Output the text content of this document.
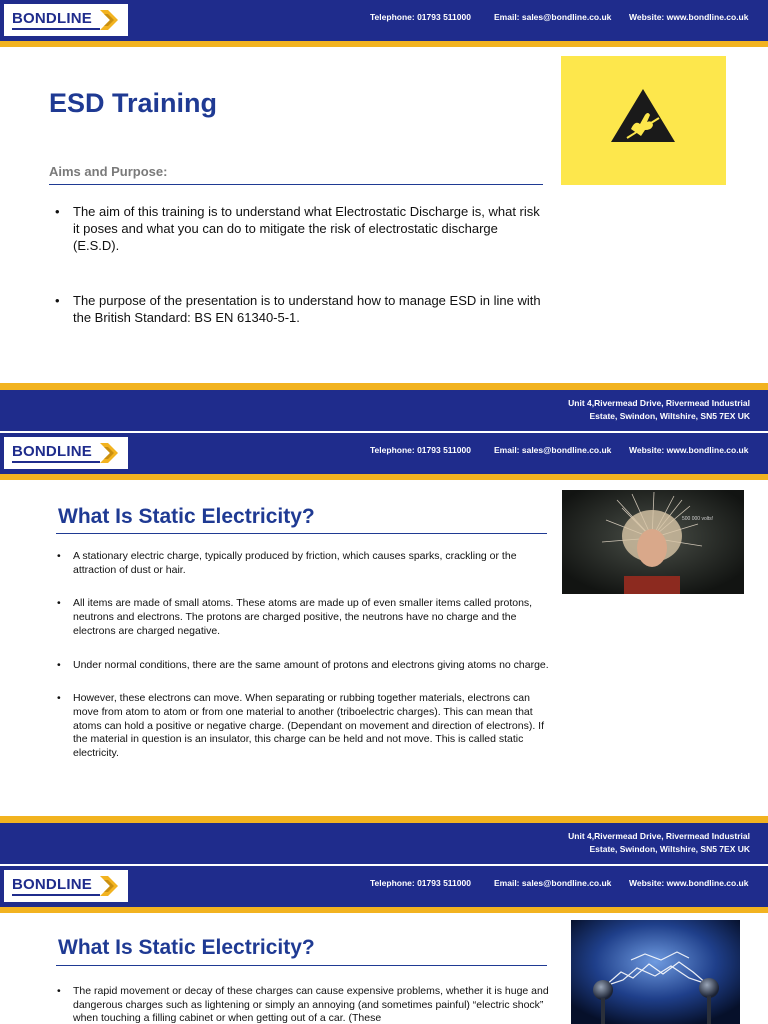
BONDLINE	Telephone: 01793 511000	Email: sales@bondline.co.uk Website: www.bondline.co.uk
ESD Training
Aims and Purpose:
• The aim of this training is to understand what Electrostatic Discharge is, what risk it poses and what you can do to mitigate the risk of electrostatic discharge (E.S.D).
• The purpose of the presentation is to understand how to manage ESD in line with the British Standard: BS EN 61340-5-1.
Unit 4,Rivermead Drive, Rivermead Industrial
Estate, Swindon, Wiltshire, SN5 7EX UK
BONDLINE	Telephone: 01793 511000	Email: sales@bondline.co.uk Website: www.bondline.co.uk
What Is Static Electricity?	500 000 volts!
• A stationary electric charge, typically produced by friction, which causes sparks, crackling or the attraction of dust or hair.
• All items are made of small atoms. These atoms are made up of even smaller items called protons, neutrons and electrons. The protons are charged positive, the neutrons have no charge and the electrons are charged negative.
• Under normal conditions, there are the same amount of protons and electrons giving atoms no charge.
• However, these electrons can move. When separating or rubbing together materials, electrons can move from atom to atom or from one material to another (triboelectric charges). This can mean that atoms can hold a positive or negative charge. (Dependant on movement and direction of electrons). If the material in question is an insulator, this charge can be held and not move. This is called static electricity.
Unit 4,Rivermead Drive, Rivermead Industrial
Estate, Swindon, Wiltshire, SN5 7EX UK
BONDLINE	Telephone: 01793 511000	Email: sales@bondline.co.uk Website: www.bondline.co.uk
What Is Static Electricity?
• The rapid movement or decay of these charges can cause expensive problems, whether it is huge and dangerous charges such as lightening or simply an annoying (and sometimes painful) “electric shock” when touching a filling cabinet or when getting out of a car. (These
